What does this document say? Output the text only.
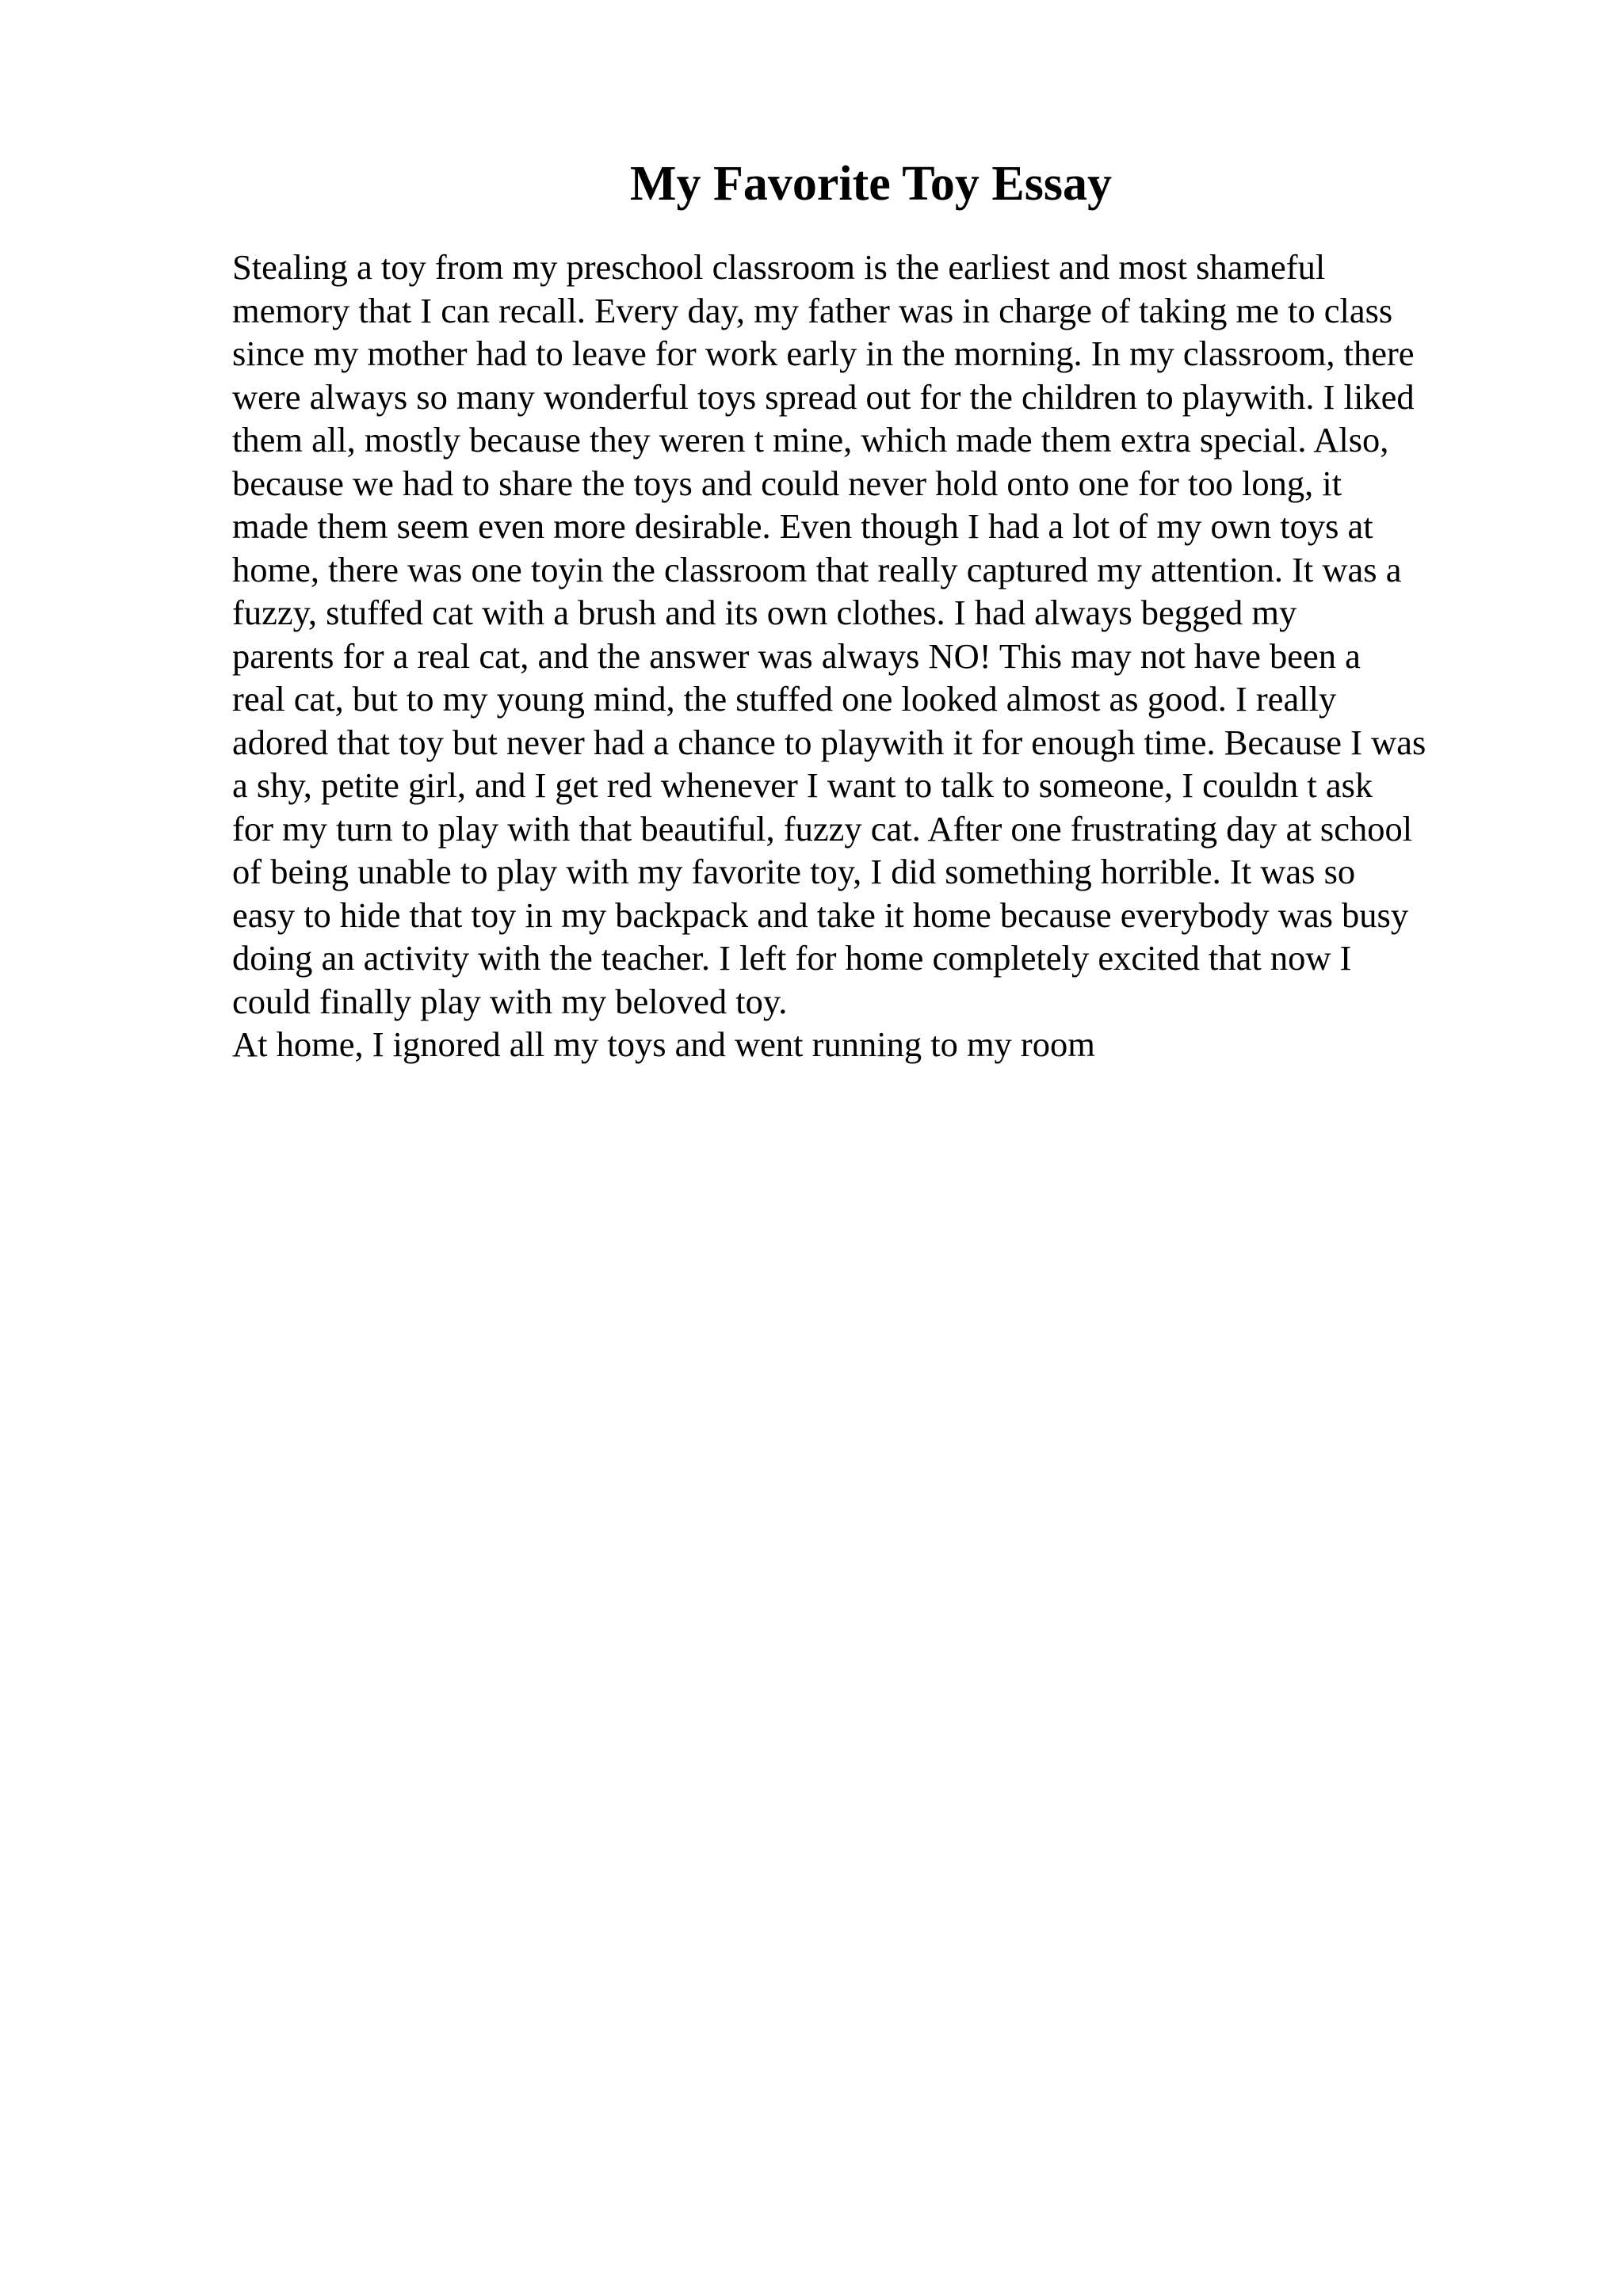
My Favorite Toy Essay
Stealing a toy from my preschool classroom is the earliest and most shameful
memory that I can recall. Every day, my father was in charge of taking me to class
since my mother had to leave for work early in the morning. In my classroom, there
were always so many wonderful toys spread out for the children to playwith. I liked
them all, mostly because they weren t mine, which made them extra special. Also,
because we had to share the toys and could never hold onto one for too long, it
made them seem even more desirable. Even though I had a lot of my own toys at
home, there was one toyin the classroom that really captured my attention. It was a
fuzzy, stuffed cat with a brush and its own clothes. I had always begged my
parents for a real cat, and the answer was always NO! This may not have been a
real cat, but to my young mind, the stuffed one looked almost as good. I really
adored that toy but never had a chance to playwith it for enough time. Because I was
a shy, petite girl, and I get red whenever I want to talk to someone, I couldn t ask
for my turn to play with that beautiful, fuzzy cat. After one frustrating day at school
of being unable to play with my favorite toy, I did something horrible. It was so
easy to hide that toy in my backpack and take it home because everybody was busy
doing an activity with the teacher. I left for home completely excited that now I
could finally play with my beloved toy.
At home, I ignored all my toys and went running to my room
